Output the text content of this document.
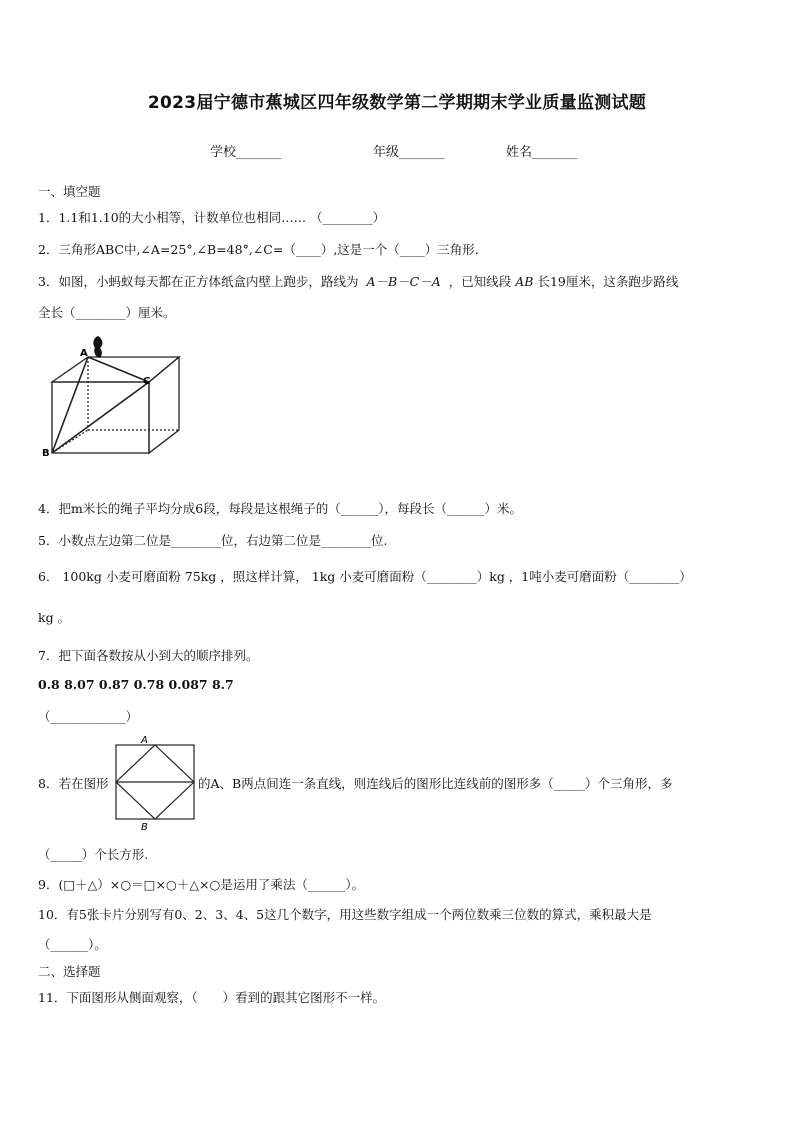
2023届宁德市蕉城区四年级数学第二学期期末学业质量监测试题
学校_______	年级_______	姓名_______
一、填空题
1．1.1和1.10的大小相等，计数单位也相同…… （________）
2．三角形ABC中,∠A=25°,∠B=48°,∠C=（____）,这是一个（____）三角形.
3．如图，小蚂蚁每天都在正方体纸盒内壁上跑步，路线为 A－B－C－A ，已知线段 AB 长19厘米，这条跑步路线
全长（________）厘米。
A
B
C
4．把m米长的绳子平均分成6段，每段是这根绳子的（______），每段长（______）米。
5．小数点左边第二位是________位，右边第二位是________位.
6． 100kg 小麦可磨面粉 75kg ，照这样计算， 1kg 小麦可磨面粉（________）kg ，1吨小麦可磨面粉（________）
kg 。
7．把下面各数按从小到大的顺序排列。
0.8 8.07 0.87 0.78 0.087 8.7
（____________）
8．若在图形
A
B
的A、B两点间连一条直线，则连线后的图形比连线前的图形多（_____）个三角形，多
（_____）个长方形.
9．(□＋△）×○＝□×○＋△×○是运用了乘法（______）。
10．有5张卡片分别写有0、2、3、4、5这几个数字，用这些数字组成一个两位数乘三位数的算式，乘积最大是
（______）。
二、选择题
11．下面图形从侧面观察，（　　）看到的跟其它图形不一样。
